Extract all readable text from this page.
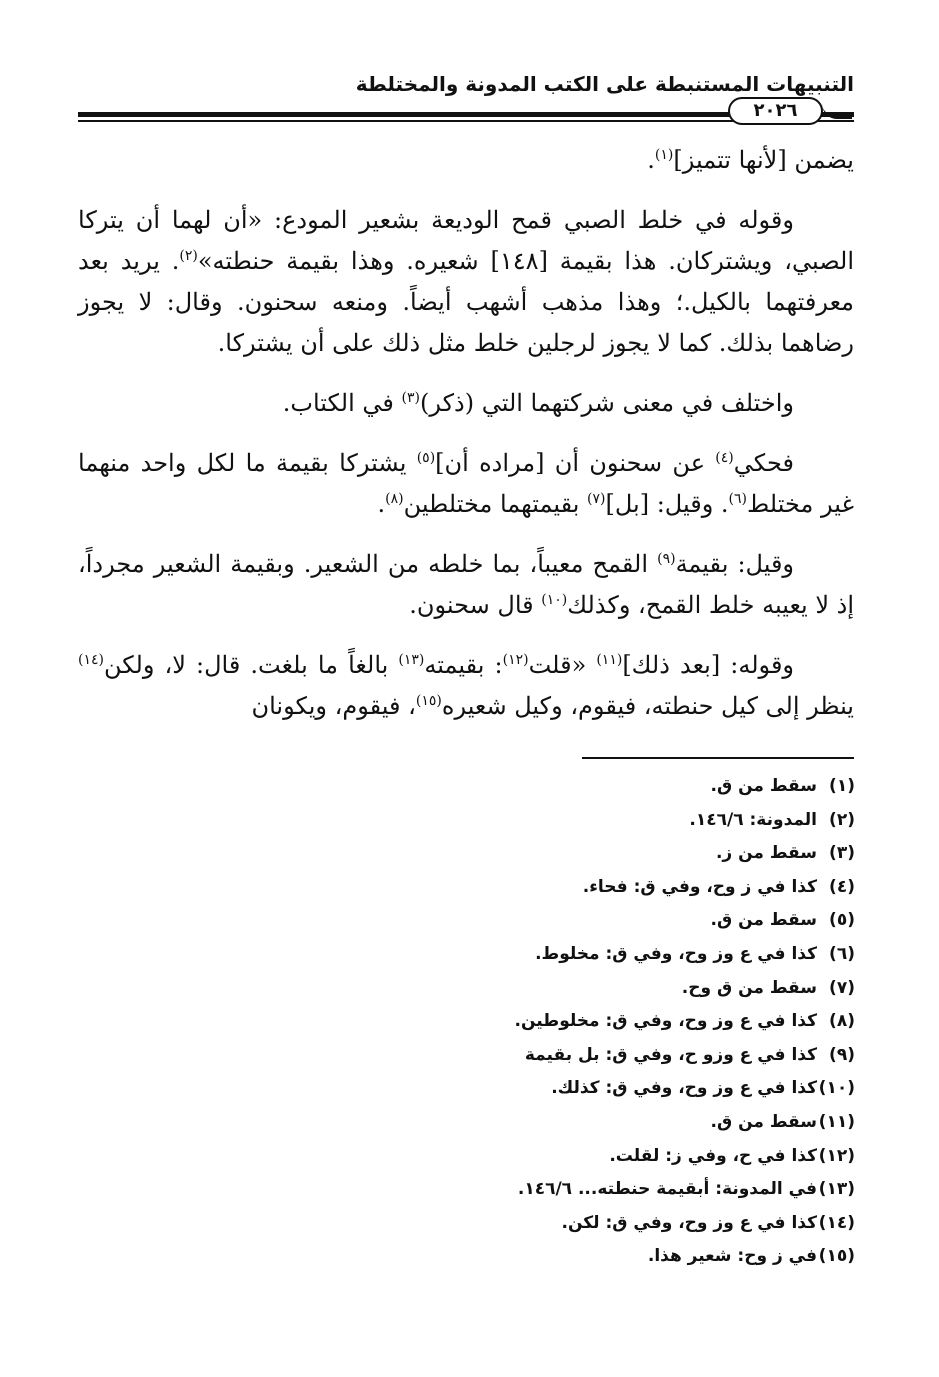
التنبيهات المستنبطة على الكتب المدونة والمختلطة
٢٠٢٦

يضمن [لأنها تتميز]$^{(١)}$.

وقوله في خلط الصبي قمح الوديعة بشعير المودع: «أن لهما أن يتركا الصبي، ويشتركان. هذا بقيمة [١٤٨] شعيره. وهذا بقيمة حنطته»$^{(٢)}$. يريد بعد معرفتهما بالكيل.؛ وهذا مذهب أشهب أيضاً. ومنعه سحنون. وقال: لا يجوز رضاهما بذلك. كما لا يجوز لرجلين خلط مثل ذلك على أن يشتركا.

واختلف في معنى شركتهما التي (ذكر)$^{(٣)}$ في الكتاب.

فحكي$^{(٤)}$ عن سحنون أن [مراده أن]$^{(٥)}$ يشتركا بقيمة ما لكل واحد منهما غير مختلط$^{(٦)}$. وقيل: [بل]$^{(٧)}$ بقيمتهما مختلطين$^{(٨)}$.

وقيل: بقيمة$^{(٩)}$ القمح معيباً، بما خلطه من الشعير. وبقيمة الشعير مجرداً، إذ لا يعيبه خلط القمح، وكذلك$^{(١٠)}$ قال سحنون.

وقوله: [بعد ذلك]$^{(١١)}$ «قلت$^{(١٢)}$: بقيمته$^{(١٣)}$ بالغاً ما بلغت. قال: لا، ولكن$^{(١٤)}$ ينظر إلى كيل حنطته، فيقوم، وكيل شعيره$^{(١٥)}$، فيقوم، ويكونان

(١)سقط من ق.
(٢)المدونة: ١٤٦/٦.
(٣)سقط من ز.
(٤)كذا في ز وح، وفي ق: فحاء.
(٥)سقط من ق.
(٦)كذا في ع وز وح، وفي ق: مخلوط.
(٧)سقط من ق وح.
(٨)كذا في ع وز وح، وفي ق: مخلوطين.
(٩)كذا في ع وزو ح، وفي ق: بل بقيمة
(١٠)كذا في ع وز وح، وفي ق: كذلك.
(١١)سقط من ق.
(١٢)كذا في ح، وفي ز: لقلت.
(١٣)في المدونة: أبقيمة حنطته... ١٤٦/٦.
(١٤)كذا في ع وز وح، وفي ق: لكن.
(١٥)في ز وح: شعير هذا.
